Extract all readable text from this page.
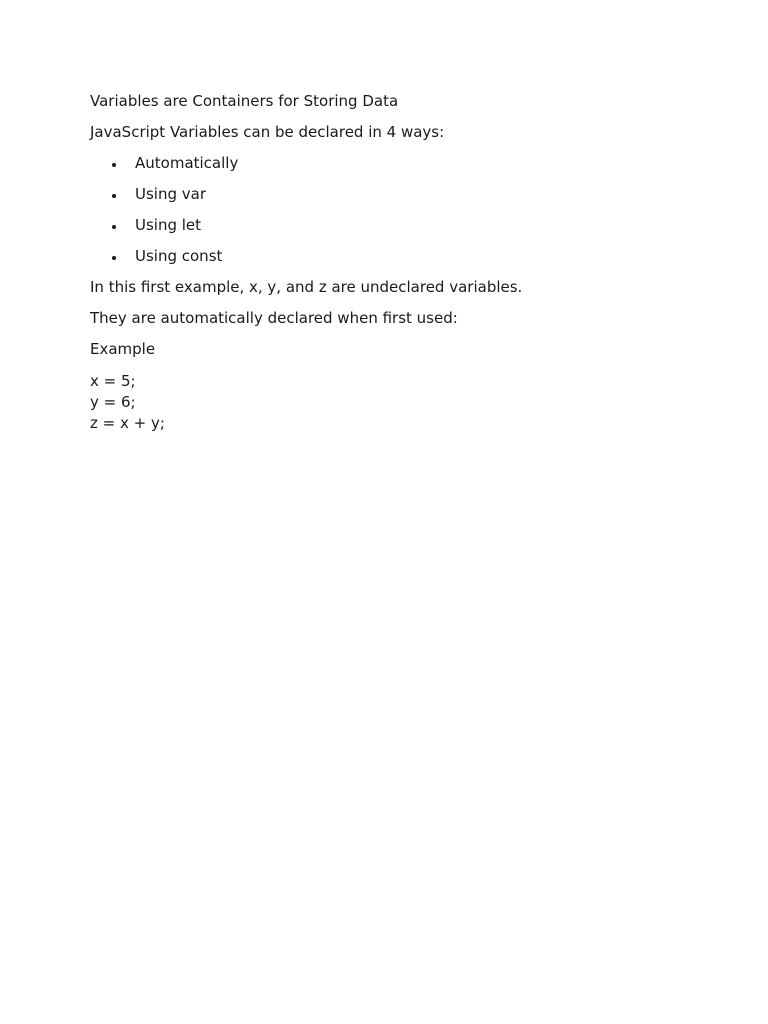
Variables are Containers for Storing Data

JavaScript Variables can be declared in 4 ways:

Automatically
Using var
Using let
Using const

In this first example, x, y, and z are undeclared variables.

They are automatically declared when first used:

Example

x = 5;
y = 6;
z = x + y;
